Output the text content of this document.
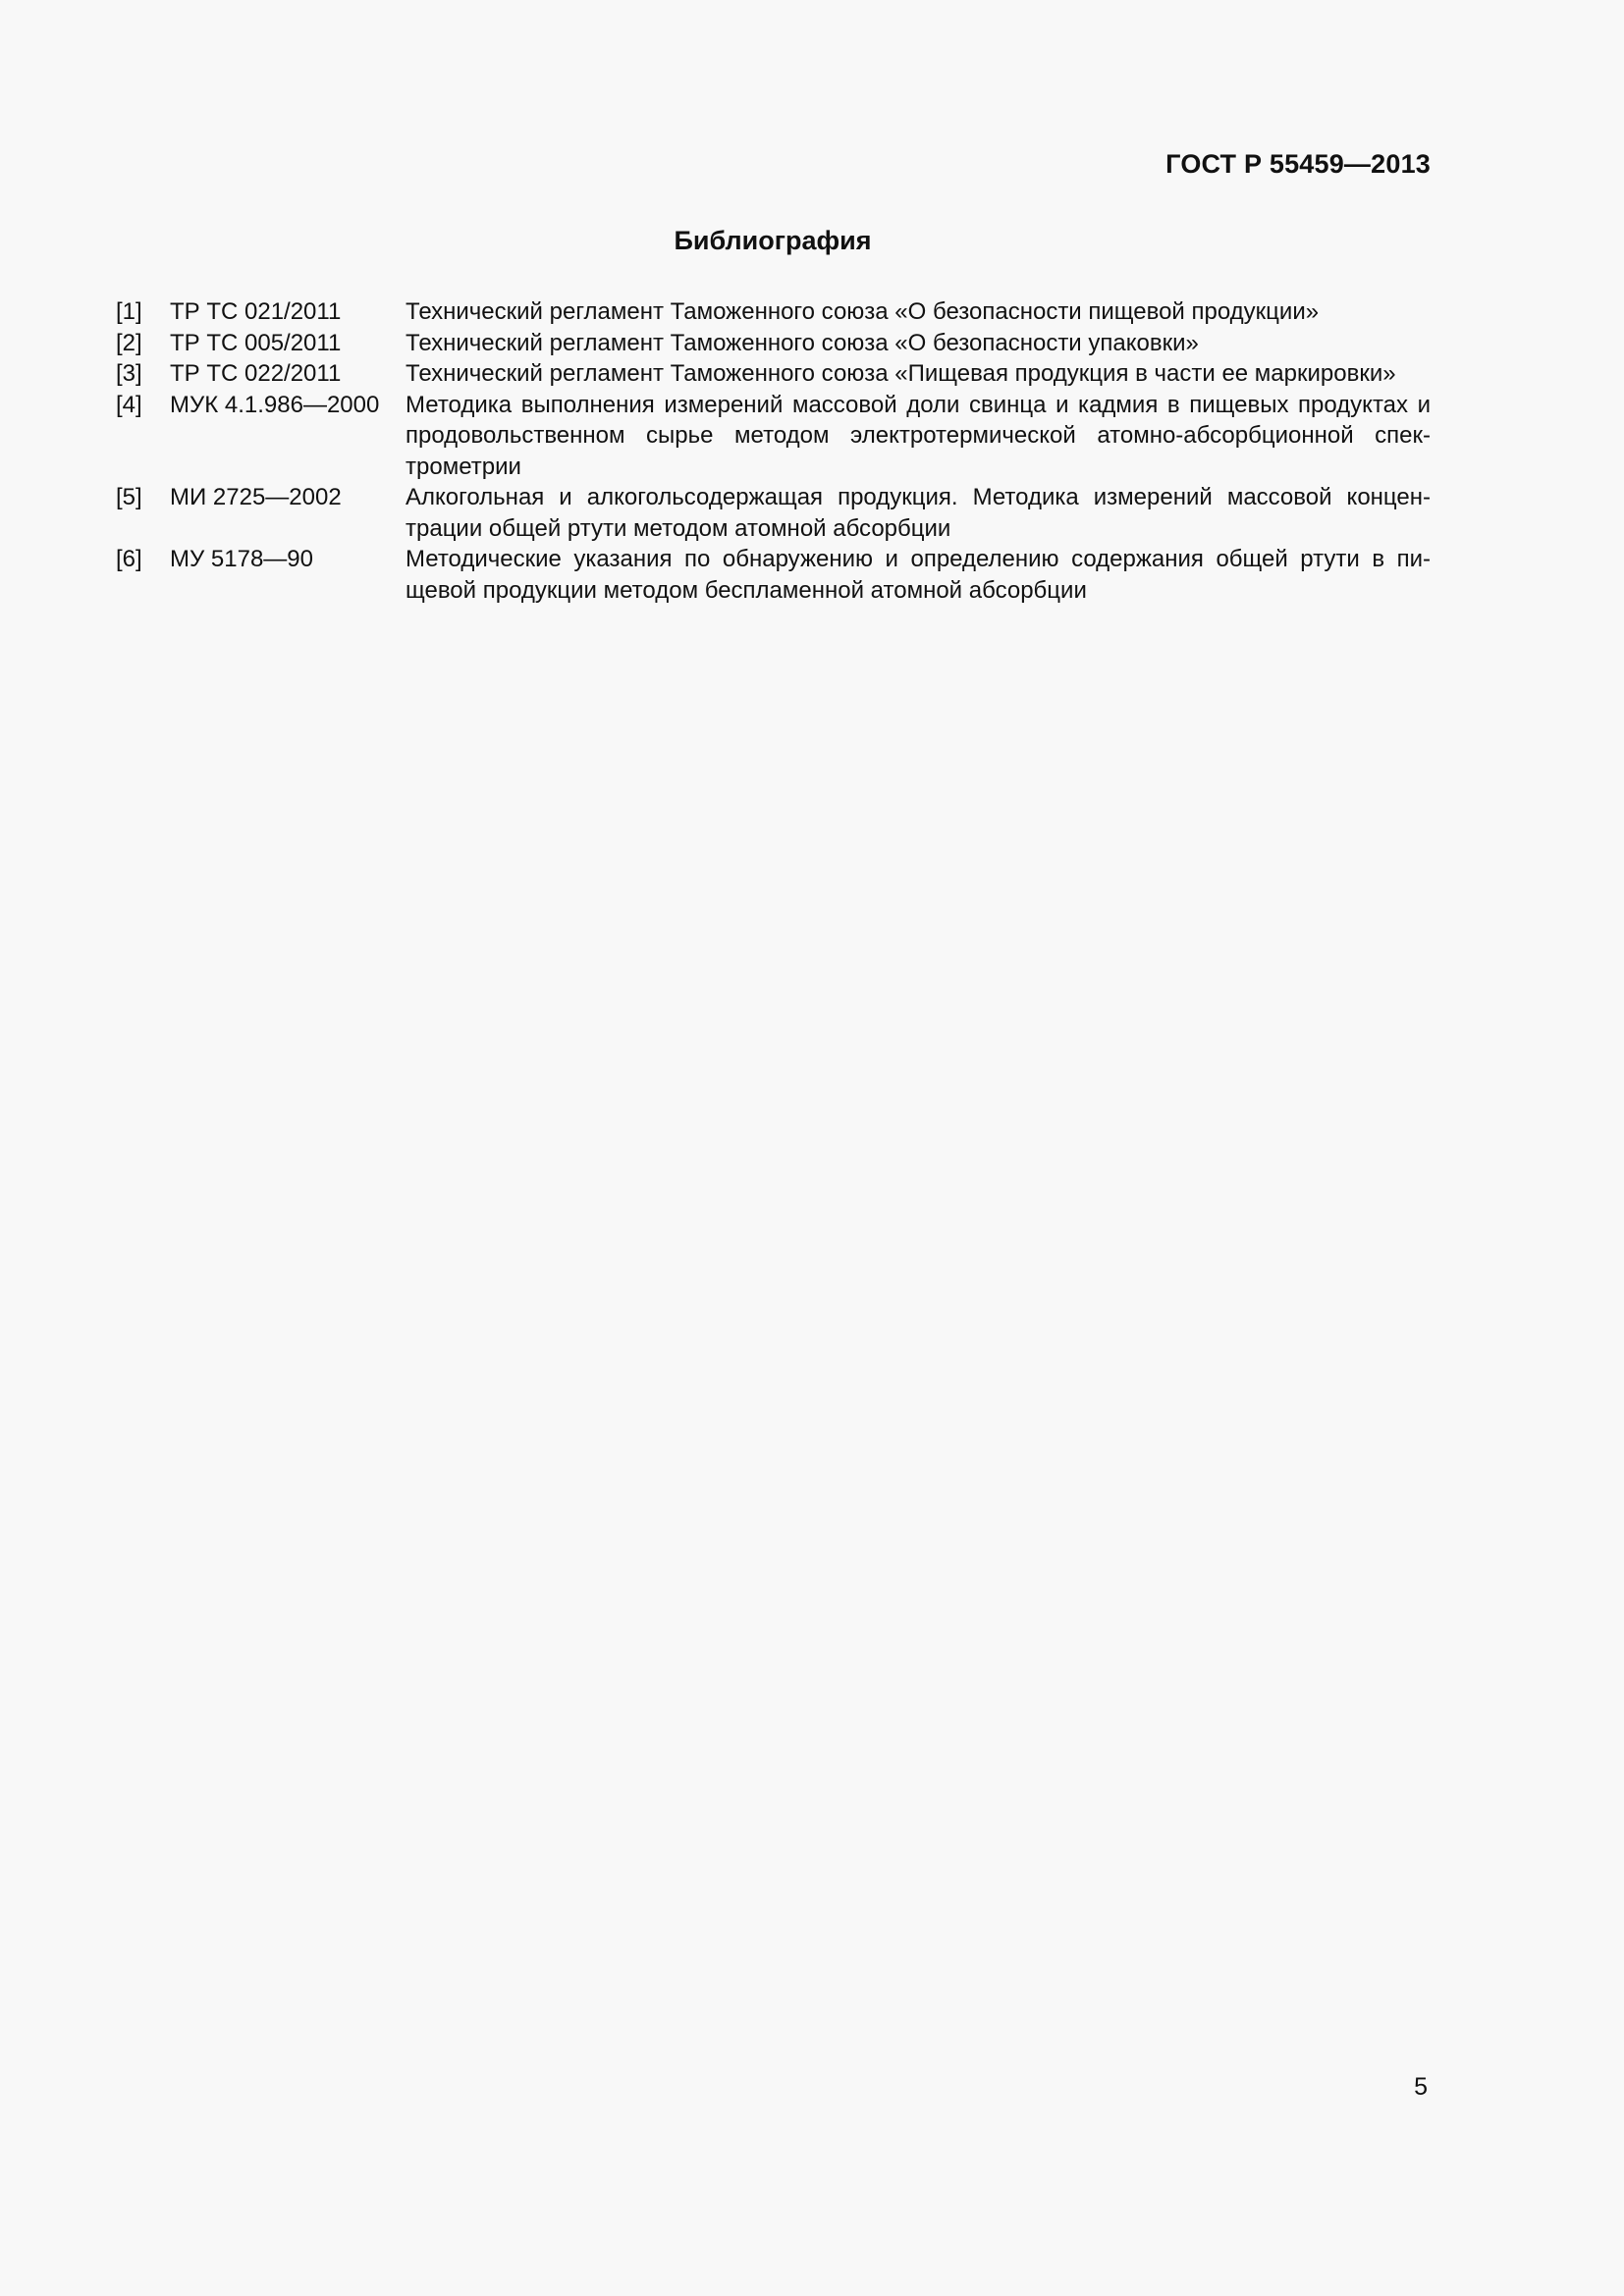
ГОСТ Р 55459—2013
Библиография
[1]	ТР ТС 021/2011	Технический регламент Таможенного союза «О безопасности пищевой продукции»
[2]	ТР ТС 005/2011	Технический регламент Таможенного союза «О безопасности упаковки»
[3]	ТР ТС 022/2011	Технический регламент Таможенного союза «Пищевая продукция в части ее маркировки»
[4]	МУК 4.1.986—2000	Методика выполнения измерений массовой доли свинца и кадмия в пищевых продуктах и продовольственном сырье методом электротермической атомно-абсорбционной спектрометрии
[5]	МИ 2725—2002	Алкогольная и алкогольсодержащая продукция. Методика измерений массовой концентрации общей ртути методом атомной абсорбции
[6]	МУ 5178—90	Методические указания по обнаружению и определению содержания общей ртути в пищевой продукции методом беспламенной атомной абсорбции
5
